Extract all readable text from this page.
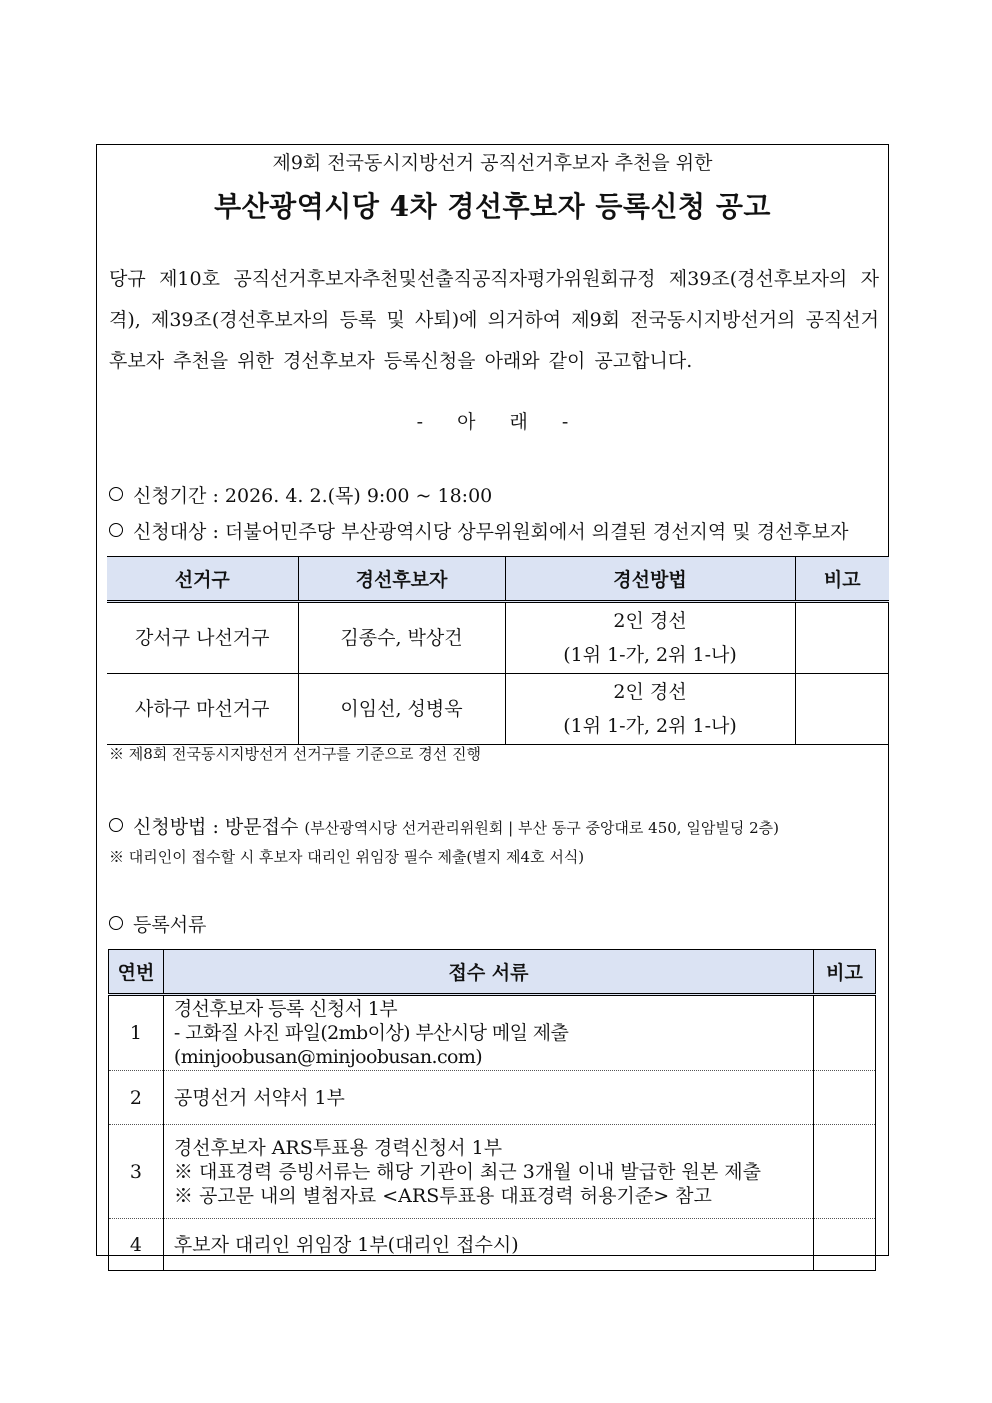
제9회 전국동시지방선거 공직선거후보자 추천을 위한
부산광역시당 4차 경선후보자 등록신청 공고
당규 제10호 공직선거후보자추천및선출직공직자평가위원회규정 제39조(경선후보자의 자격), 제39조(경선후보자의 등록 및 사퇴)에 의거하여 제9회 전국동시지방선거의 공직선거후보자 추천을 위한 경선후보자 등록신청을 아래와 같이 공고합니다.
- 아 래 -
신청기간 : 2026. 4. 2.(목) 9:00 ~ 18:00
신청대상 : 더불어민주당 부산광역시당 상무위원회에서 의결된 경선지역 및 경선후보자
선거구	경선후보자	경선방법	비고
강서구 나선거구	김종수, 박상건	2인 경선
(1위 1-가, 2위 1-나)	

사하구 마선거구	이임선, 성병욱	2인 경선
(1위 1-가, 2위 1-나)	

※ 제8회 전국동시지방선거 선거구를 기준으로 경선 진행
신청방법 : 방문접수 (부산광역시당 선거관리위원회 | 부산 동구 중앙대로 450, 일암빌딩 2층)
※ 대리인이 접수할 시 후보자 대리인 위임장 필수 제출(별지 제4호 서식)
등록서류
연번	접수 서류	비고
1	경선후보자 등록 신청서 1부
- 고화질 사진 파일(2mb이상) 부산시당 메일 제출(minjoobusan@minjoobusan.com)	

2	공명선거 서약서 1부	

3	경선후보자 ARS투표용 경력신청서 1부
※ 대표경력 증빙서류는 해당 기관이 최근 3개월 이내 발급한 원본 제출
※ 공고문 내의 별첨자료 <ARS투표용 대표경력 허용기준> 참고	

4	후보자 대리인 위임장 1부(대리인 접수시)	
